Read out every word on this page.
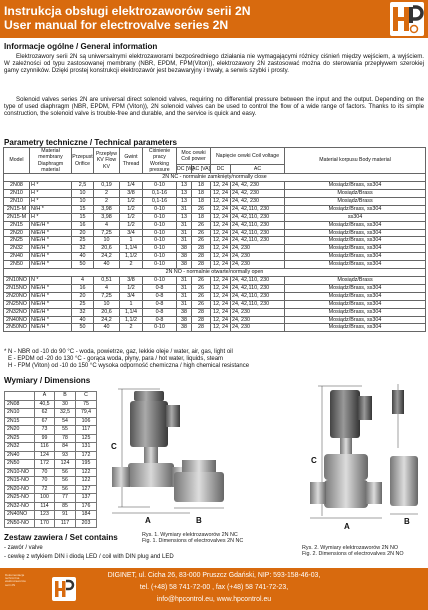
Instrukcja obsługi elektrozaworów serii 2N
User manual for electrovalve series 2N
Informacje ogólne / General information
Elektrozawory serii 2N są uniwersalnymi elektrozaworami bezpośredniego działania nie wymagającymi różnicy ciśnień między wejściem, a wyjściem. W zależności od typu zastosowanej membrany (NBR, EPDM, FPM(Viton)), elektrozawory 2N zastosować można do sterowania przepływem szerokiej gamy czynników. Dzięki prostej konstrukcji elektrozawór jest bezawaryjny i trwały, a serwis szybki i prosty.
Solenoid valves series 2N are universal direct solenoid valves, requiring no differential pressure between the input and the output. Depending on the type of used diaphragm (NBR, EPDM, FPM (Viton)), 2N solenoid valves can be used to control the flow of a wide range of factors. Thanks to its simple construction, the solenoid valve is trouble-free and durable, and the service is quick and easy.
Parametry techniczne / Technical parameters
Model	Materiał membrany Diaphragm material	Przepust Orifice	Przepływ KV Flow KV	Gwint Thread	Ciśnienie pracy Working pressure	Moc cewki Coil power		Napięcie cewki Coil voltage		Materiał korpusu Body material
						DC [W]	AC [VA]	DC	AC	
2N NC - normalnie zamknięty/normally close										
2N08	H *	2,5	0,19	1/4	0-10	13	18	12, 24	24, 42, 230	Mosiądz/Brass, ss304
2N10	H *	10	2	3/8	0,1-16	13	18	12, 24	24, 42, 230	Mosiądz/Brass
2N10	H *	10	2	1/2	0,1-16	13	18	12, 24	24, 42, 230	Mosiądz/Brass
2N15-M	N/H *	15	3,98	1/2	0-10	31	26	12, 24	24, 42,110, 230	Mosiądz/Brass, ss304
2N15-M	H *	15	3,98	1/2	0-10	13	18	12, 24	24, 42,110, 230	ss304
2N15	N/E/H *	16	4	1/2	0-10	31	26	12, 24	24, 42,110, 230	Mosiądz/Brass, ss304
2N20	N/E/H *	20	7,25	3/4	0-10	31	26	12, 24	24, 42,110, 230	Mosiądz/Brass, ss304
2N25	N/E/H *	25	10	1	0-10	31	26	12, 24	24, 42,110, 230	Mosiądz/Brass, ss304
2N32	N/E/H *	32	20,6	1,1/4	0-10	38	28	12, 24	24, 230	Mosiądz/Brass, ss304
2N40	N/E/H *	40	24,2	1,1/2	0-10	38	28	12, 24	24, 230	Mosiądz/Brass, ss304
2N50	N/E/H *	50	40	2	0-10	38	28	12, 24	24, 230	Mosiądz/Brass, ss304
2N NO - normalnie otwarte/normally open										
2N10NO	N *	4	0,51	3/8	0-10	31	26	12, 24	24, 42,110, 230	Mosiądz/Brass
2N15NO	N/E/H *	16	4	1/2	0-8	31	26	12, 24	24, 42,110, 230	Mosiądz/Brass, ss304
2N20NO	N/E/H *	20	7,25	3/4	0-8	31	26	12, 24	24, 42,110, 230	Mosiądz/Brass, ss304
2N25NO	N/E/H *	25	10	1	0-8	31	26	12, 24	24, 42,110, 230	Mosiądz/Brass, ss304
2N32NO	N/E/H *	32	20,6	1,1/4	0-8	38	28	12, 24	24, 230	Mosiądz/Brass, ss304
2N40NO	N/E/H *	40	24,2	1,1/2	0-8	38	28	12, 24	24, 230	Mosiądz/Brass, ss304
2N50NO	N/E/H *	50	40	2	0-10	38	28	12, 24	24, 230	Mosiądz/Brass, ss304
* N - NBR od -10 do 90 °C - woda, powietrze, gaz, lekkie oleje / water, air, gas, light oil
E - EPDM od -20 do 130 °C - gorąca woda, płyny, para / hot water, liquids, steam
H - FPM (Viton) od -10 do 150 °C wysoka odporność chemiczna / high chemical resistance
Wymiary / Dimensions
	A	B	C
2N08	40,5	30	75
2N10	62	32,5	79,4
2N15	67	54	106
2N20	73	55	117
2N25	99	78	125
2N32	116	84	131
2N40	124	93	172
2N50	172	124	195
2N10-NO	70	56	122
2N15-NO	70	56	122
2N20-NO	72	56	127
2N25-NO	100	77	137
2N32-NO	114	85	176
2N40NO	123	91	184
2N50-NO	170	117	203
C
A	B
Rys. 1. Wymiary elektrozaworów 2N NC
Fig. 1. Dimensions of electrovalves 2N NC
C
A
B
Rys. 2. Wymiary elektrozaworów 2N NO
Fig. 2. Dimensions of electrovalves 2N NO
Zestaw zawiera / Set contains
- zawór / valve
- cewkę z wtykiem DIN i diodą LED / coil with DIN plug and LED
Dokumentacja techniczna elektrozaworów serii 2N
DIGINET, ul. Cicha 26, 83-000 Pruszcz Gdański, NIP: 593-158-46-03,
tel. (+48) 58 741-72-00 , fax (+48) 58 741-72-23,
info@hpcontrol.eu, www.hpcontrol.eu
